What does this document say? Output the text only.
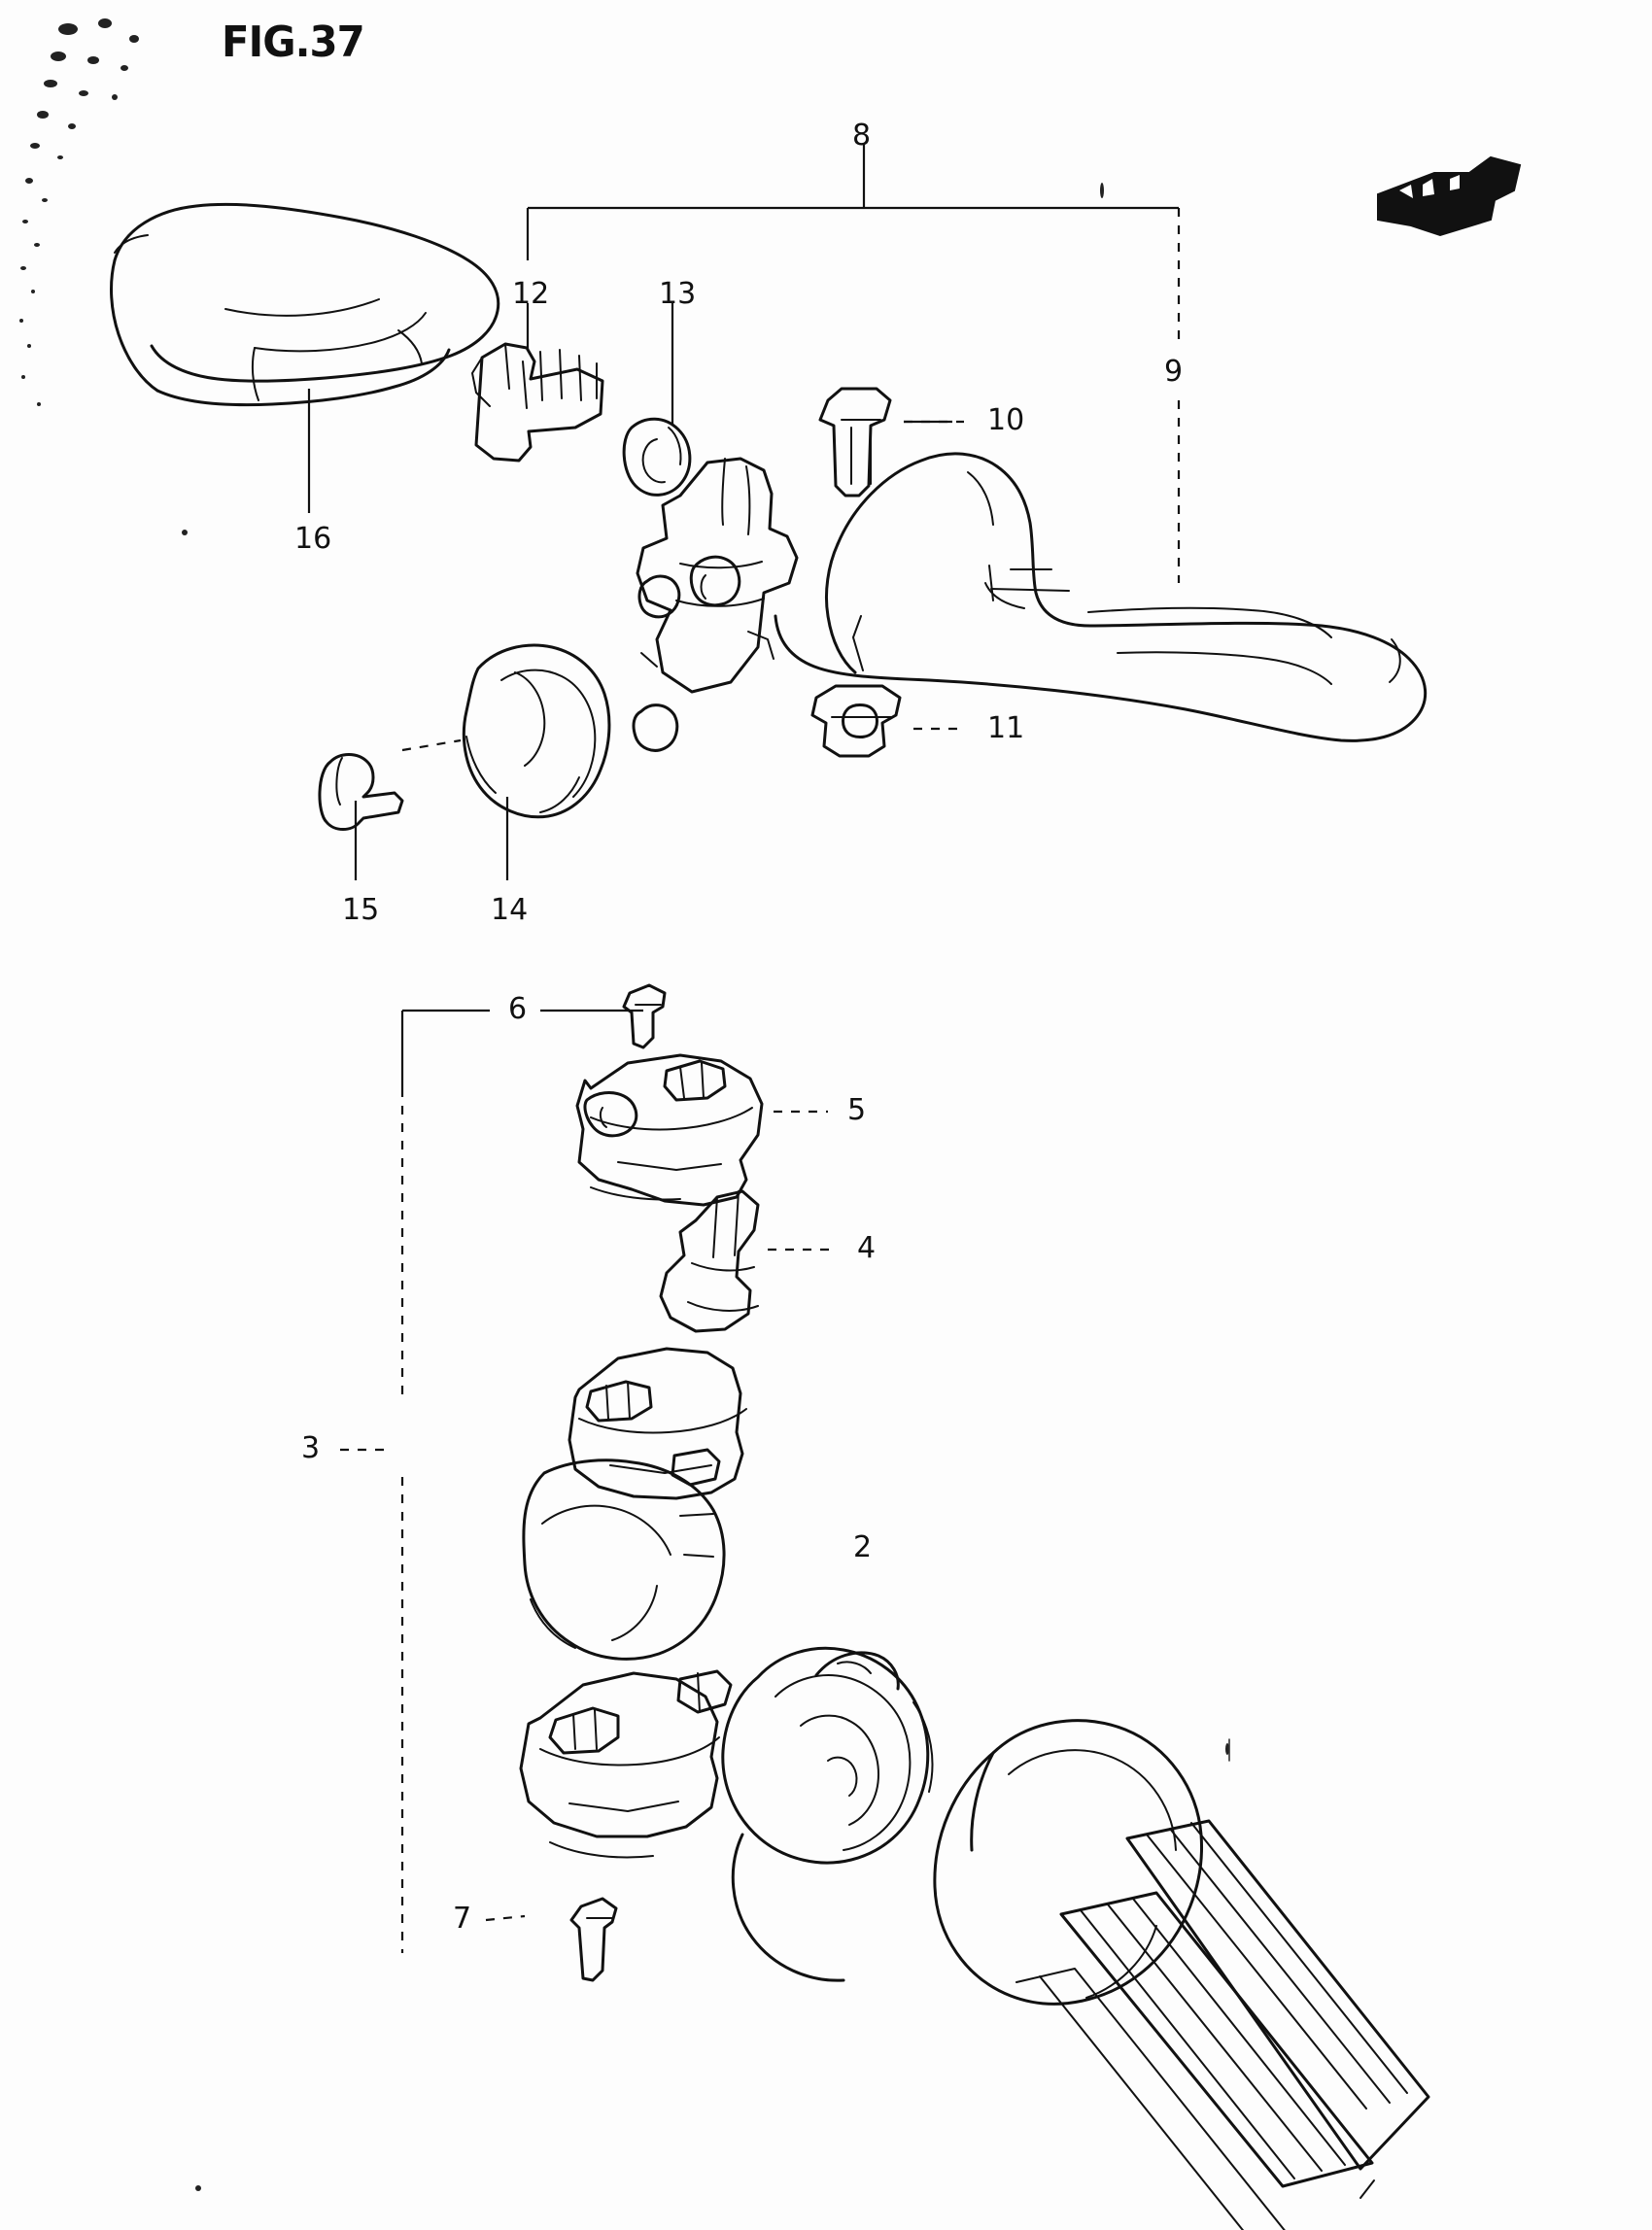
FIG.37
8
12	13
9
10
16
11
15	14
6
5
4
3
2
7
